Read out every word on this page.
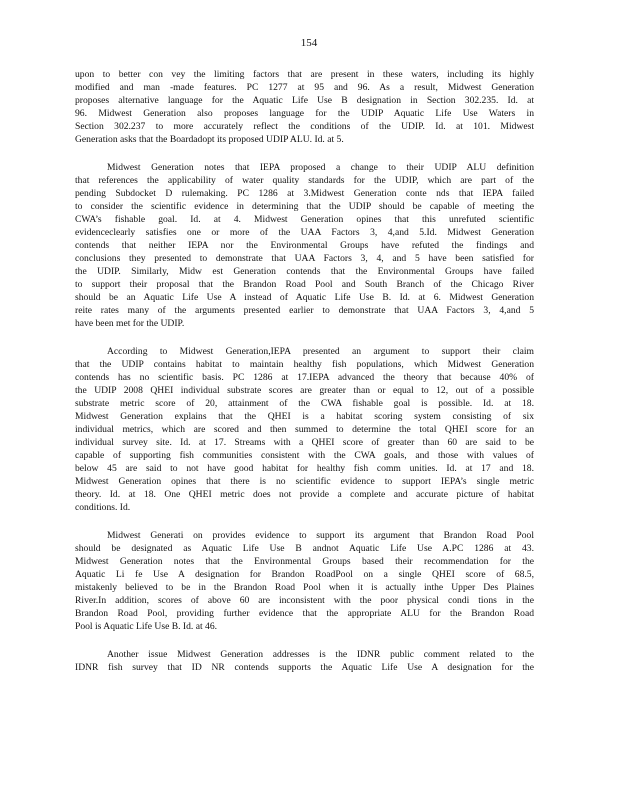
154
upon to better con vey the limiting factors that are present in these waters, including its highly
modified and man -made features. PC 1277 at 95 and 96. As a result, Midwest Generation
proposes alternative language for the Aquatic Life Use B designation in Section 302.235. Id. at
96. Midwest Generation also proposes language for the UDIP Aquatic Life Use Waters in
Section 302.237 to more accurately reflect the conditions of the UDIP. Id. at 101. Midwest
Generation asks that the Boardadopt its proposed UDIP ALU. Id. at 5.
Midwest Generation notes that IEPA proposed a change to their UDIP ALU definition
that references the applicability of water quality standards for the UDIP, which are part of the
pending Subdocket D rulemaking. PC 1286 at 3.Midwest Generation conte nds that IEPA failed
to consider the scientific evidence in determining that the UDIP should be capable of meeting the
CWA’s fishable goal. Id. at 4. Midwest Generation opines that this unrefuted scientific
evidenceclearly satisfies one or more of the UAA Factors 3, 4,and 5.Id. Midwest Generation
contends that neither IEPA nor the Environmental Groups have refuted the findings and
conclusions they presented to demonstrate that UAA Factors 3, 4, and 5 have been satisfied for
the UDIP. Similarly, Midw est Generation contends that the Environmental Groups have failed
to support their proposal that the Brandon Road Pool and South Branch of the Chicago River
should be an Aquatic Life Use A instead of Aquatic Life Use B. Id. at 6. Midwest Generation
reite rates many of the arguments presented earlier to demonstrate that UAA Factors 3, 4,and 5
have been met for the UDIP.
According to Midwest Generation,IEPA presented an argument to support their claim
that the UDIP contains habitat to maintain healthy fish populations, which Midwest Generation
contends has no scientific basis. PC 1286 at 17.IEPA advanced the theory that because 40% of
the UDIP 2008 QHEI individual substrate scores are greater than or equal to 12, out of a possible
substrate metric score of 20, attainment of the CWA fishable goal is possible. Id. at 18.
Midwest Generation explains that the QHEI is a habitat scoring system consisting of six
individual metrics, which are scored and then summed to determine the total QHEI score for an
individual survey site. Id. at 17. Streams with a QHEI score of greater than 60 are said to be
capable of supporting fish communities consistent with the CWA goals, and those with values of
below 45 are said to not have good habitat for healthy fish comm unities. Id. at 17 and 18.
Midwest Generation opines that there is no scientific evidence to support IEPA’s single metric
theory. Id. at 18. One QHEI metric does not provide a complete and accurate picture of habitat
conditions. Id.
Midwest Generati on provides evidence to support its argument that Brandon Road Pool
should be designated as Aquatic Life Use B andnot Aquatic Life Use A.PC 1286 at 43.
Midwest Generation notes that the Environmental Groups based their recommendation for the
Aquatic Li fe Use A designation for Brandon RoadPool on a single QHEI score of 68.5,
mistakenly believed to be in the Brandon Road Pool when it is actually inthe Upper Des Plaines
River.In addition, scores of above 60 are inconsistent with the poor physical condi tions in the
Brandon Road Pool, providing further evidence that the appropriate ALU for the Brandon Road
Pool is Aquatic Life Use B. Id. at 46.
Another issue Midwest Generation addresses is the IDNR public comment related to the
IDNR fish survey that ID NR contends supports the Aquatic Life Use A designation for the
